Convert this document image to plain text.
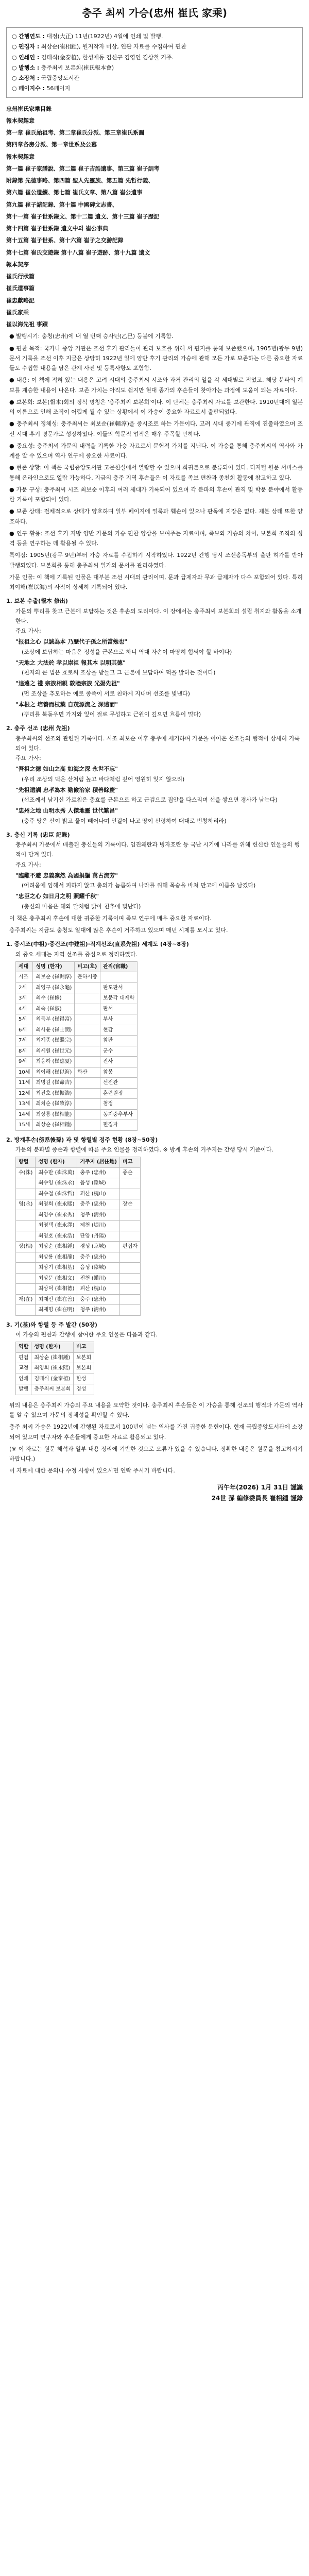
충주 최씨 가승(忠州 崔氏 家乘)
○ 간행연도 : 대정(大正) 11년(1922년) 4월에 인쇄 및 발행.
○ 편집자 : 최상순(崔相鍾), 원저작자 미상, 연관 자료를 수집하여 편찬
○ 인쇄인 : 김태식(金泰植), 한성재동 김신구 김영인 김상철 거주.
○ 발행소 : 충주최씨 보본회(崔氏報本會)
○ 소장처 : 국립중앙도서관
○ 페이지수 : 56페이지
忠州崔氏家乘目錄
報本契趣意
第一章 崔氏始祖考、第二章崔氏分派、第三章崔氏系圖
第四章各房分派、第一章世系及公墓
報本契趣意
第一篇 崔子家譜說、第二篇 崔子吉誥遺事、第三篇 崔子訓考
附錄第 先德事略、第四篇 聖人先靈族、第五篇 先哲行義、
第六篇 崔公遺續、第七篇 崔氏文章、第八篇 崔公遺事
第九篇 崔子諸記錄、第十篇 中國碑文志書、
第十一篇 崔子世系錄文、第十二篇 遺文、第十三篇 崔子歷記
第十四篇 崔子世系錄 遺文中의 崔公事典
第十五篇 崔子世系、第十六篇 崔子之交游記錄
第十七篇 崔氏交遊錄 第十八篇 崔子遊跡、第十九篇 遺文
報本契序
崔氏行狀篇
崔氏遺事篇
崔忠獻略記
崔氏家乘
崔以海先祖 事蹟
● 발행시기: 충청(忠州)에 내 열 번째 승사년(乙巳) 등불에 기록함.
● 편찬 목적: 국가나 중앙 기관은 조선 후기 관리들이 관리 보호를 위해 서 편지를 통해 보존했으며, 1905년(광무 9년) 문서 기록을 조선 이후 지금은 상당히 1922년 일에 양반 후기 관리의 가승에 관해 모든 가로 보존하는 다른 중요한 자료들도 수집함 내용을 담은 관계 사진 및 등록사항도 포함함.
● 내용: 이 책에 적혀 있는 내용은 고려 시대의 충주최씨 시조와 과거 관리의 일을 각 세대별로 적었고, 해당 분파의 계보를 계승한 내용이 나온다. 보존 가치는 아직도 쉽지만 현대 종가의 후손들이 찾아가는 과정에 도움이 되는 자료이다.
● 보본회: 보본(報本)회의 정식 명칭은 '충주최씨 보본회'이다. 이 단체는 충주최씨 자료를 보관한다. 1910년대에 일본의 이름으로 인해 조직이 어렵게 될 수 있는 상황에서 이 가승이 중요한 자료로서 출판되었다.
● 충주최씨 정체성: 충주최씨는 최보순(崔輔淳)을 중시조로 하는 가문이다. 고려 시대 중기에 관직에 진출하였으며 조선 시대 후기 명문가로 성장하였다. 이들의 학문적 업적은 매우 주목할 만하다.
● 중요성: 충주최씨 가문의 내력을 기록한 가승 자료로서 문헌적 가치를 지닌다. 이 가승을 통해 충주최씨의 역사와 가계를 알 수 있으며 역사 연구에 중요한 사료이다.
● 현존 상황: 이 책은 국립중앙도서관 고문헌실에서 열람할 수 있으며 희귀본으로 분류되어 있다. 디지털 원문 서비스를 통해 온라인으로도 열람 가능하다. 지금의 충주 지역 후손들은 이 자료를 족보 편찬과 종친회 활동에 참고하고 있다.
● 가문 구성: 충주최씨 시조 최보순 이후의 여러 세대가 기록되어 있으며 각 분파의 후손이 관직 및 학문 분야에서 활동한 기록이 포함되어 있다.
● 보존 상태: 전체적으로 상태가 양호하며 일부 페이지에 얼룩과 훼손이 있으나 판독에 지장은 없다. 제본 상태 또한 양호하다.
● 연구 활용: 조선 후기 지방 양반 가문의 가승 편찬 양상을 보여주는 자료이며, 족보와 가승의 차이, 보본회 조직의 성격 등을 연구하는 데 활용될 수 있다.
특이점: 1905년(광무 9년)부터 가승 자료를 수집하기 시작하였다. 1922년 간행 당시 조선총독부의 출판 허가를 받아 발행되었다. 보본회를 통해 충주최씨 일가의 문서를 관리하였다.
가문 인물: 이 책에 기록된 인물은 대부분 조선 시대의 관리이며, 문과 급제자와 무과 급제자가 다수 포함되어 있다. 특히 최이해(崔以海)의 사적이 상세히 기록되어 있다.
1. 보본 수출(報本 修出)
가문의 뿌리를 찾고 근본에 보답하는 것은 후손의 도리이다. 이 장에서는 충주최씨 보본회의 설립 취지와 활동을 소개한다.
주요 가사:
"报祖之心 以誠為本 乃歷代子孫之所當勉也"
(조상에 보답하는 마음은 정성을 근본으로 하니 역대 자손이 마땅히 힘써야 할 바이다)
"天地之 大法於 孝以崇祖 報其本 以明其德"
(천지의 큰 법은 효로써 조상을 받들고 그 근본에 보답하여 덕을 밝히는 것이다)
"追遠之 禮 宗族相親 敦睦宗族 光揚先祖"
(먼 조상을 추모하는 예로 종족이 서로 친하게 지내며 선조를 빛낸다)
"本根之 培養而枝葉 自茂源流之 深遠而"
(뿌리를 북돋우면 가지와 잎이 절로 무성하고 근원이 깊으면 흐름이 멀다)
2. 충주 선조 (忠州 先祖)
충주최씨의 선조와 관련된 기록이다. 시조 최보순 이후 충주에 세거하며 가문을 이어온 선조들의 행적이 상세히 기록되어 있다.
주요 가사:
"吾祖之德 如山之高 如海之深 永世不忘"
(우리 조상의 덕은 산처럼 높고 바다처럼 깊어 영원히 잊지 않으리)
"先祖遺訓 忠孝為本 勤儉治家 積善餘慶"
(선조께서 남기신 가르침은 충효를 근본으로 하고 근검으로 집안을 다스리며 선을 쌓으면 경사가 남는다)
"忠州之地 山明水秀 人傑地靈 世代繁昌"
(충주 땅은 산이 밝고 물이 빼어나며 인걸이 나고 땅이 신령하여 대대로 번창하리라)
3. 충신 기록 (忠臣 記錄)
충주최씨 가문에서 배출된 충신들의 기록이다. 임진왜란과 병자호란 등 국난 시기에 나라를 위해 헌신한 인물들의 행적이 담겨 있다.
주요 가사:
"臨難不避 忠義凜然 為國捐軀 萬古流芳"
(어려움에 임해서 피하지 않고 충의가 늠름하여 나라를 위해 목숨을 바쳐 만고에 이름을 남겼다)
"忠臣之心 如日月之明 照耀千秋"
(충신의 마음은 해와 달처럼 밝아 천추에 빛난다)
이 책은 충주최씨 후손에 대한 귀중한 기록이며 족보 연구에 매우 중요한 자료이다.
충주최씨는 지금도 충청도 일대에 많은 후손이 거주하고 있으며 매년 시제를 모시고 있다.
1. 중시조(中祖)·중건조(中建祖)·직계선조(直系先祖) 세계도 (4장~8장)
의 중요 세대는 지역 선조를 중심으로 정리하였다.
세대	성명 (한자)	비고(호)	관직(官職)
시조	최보순 (崔輔淳)	문하시중	
2세	최영구 (崔永龜)		판도판서
3세	최수 (崔修)		보문각 대제학
4세	최숙 (崔淑)		판서
5세	최득부 (崔得富)		부사
6세	최사윤 (崔士潤)		현감
7세	최계종 (崔繼宗)		참판
8세	최세원 (崔世元)		군수
9세	최응하 (崔應夏)		진사
10세	최이해 (崔以海)	학산	참봉
11세	최명길 (崔命吉)		선전관
12세	최진호 (崔振浩)		훈련원정
13세	최치순 (崔致淳)		첨정
14세	최상룡 (崔相龍)		동지중추부사
15세	최상순 (崔相鍾)		편집자
2. 방계후손(傍系後孫) 과 및 항렬별 정주 현황 (8장~50장)
가문의 분파별 종손과 항렬에 따른 주요 인물을 정리하였다. ※ 방계 후손의 거주지는 간행 당시 기준이다.
항렬	성명 (한자)	거주지 (居住地)	비고
수(洙)	최수만 (崔洙萬)	충주 (忠州)	종손
	최수영 (崔洙永)	음성 (陰城)	
	최수철 (崔洙哲)	괴산 (槐山)	
영(永)	최영희 (崔永熙)	충주 (忠州)	장손
	최영수 (崔永秀)	청주 (淸州)	
	최영택 (崔永澤)	제천 (堤川)	
	최영호 (崔永浩)	단양 (丹陽)	
상(相)	최상순 (崔相鍾)	경성 (京城)	편집자
	최상룡 (崔相龍)	충주 (忠州)	
	최상기 (崔相基)	음성 (陰城)	
	최상문 (崔相文)	진천 (鎭川)	
	최상덕 (崔相德)	괴산 (槐山)	
재(在)	최재선 (崔在善)	충주 (忠州)	
	최재명 (崔在明)	청주 (淸州)	
3. 기(基)와 항렬 등 주 발간 (50장)
이 가승의 편찬과 간행에 참여한 주요 인물은 다음과 같다.
역할	성명 (한자)	비고
편집	최상순 (崔相鍾)	보본회
교정	최영희 (崔永熙)	보본회
인쇄	김태식 (金泰植)	한성
발행	충주최씨 보본회	경성
위의 내용은 충주최씨 가승의 주요 내용을 요약한 것이다. 충주최씨 후손들은 이 가승을 통해 선조의 행적과 가문의 역사를 알 수 있으며 가문의 정체성을 확인할 수 있다.
충주 최씨 가승은 1922년에 간행된 자료로서 100년이 넘는 역사를 가진 귀중한 문헌이다. 현재 국립중앙도서관에 소장되어 있으며 연구자와 후손들에게 중요한 자료로 활용되고 있다.
(※ 이 자료는 원문 해석과 일부 내용 정리에 기반한 것으로 오류가 있을 수 있습니다. 정확한 내용은 원문을 참고하시기 바랍니다.)
이 자료에 대한 문의나 수정 사항이 있으시면 연락 주시기 바랍니다.
丙午年(2026) 1月 31日 謹識
24世 孫 編修委員長 崔相鍾 謹錄
